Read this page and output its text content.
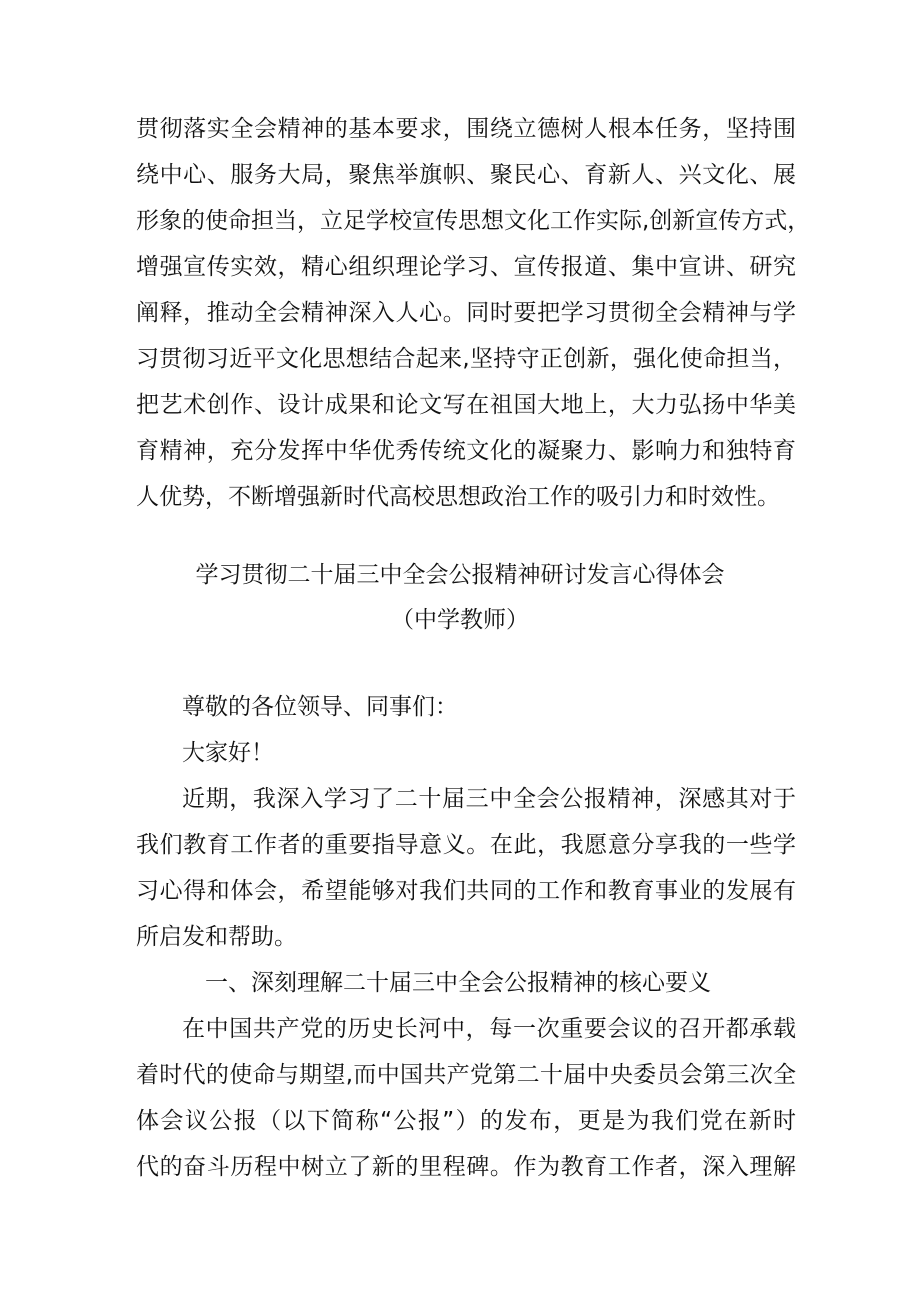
贯彻落实全会精神的基本要求，围绕立德树人根本任务，坚持围
绕中心、服务大局，聚焦举旗帜、聚民心、育新人、兴文化、展
形象的使命担当，立足学校宣传思想文化工作实际,创新宣传方式，
增强宣传实效，精心组织理论学习、宣传报道、集中宣讲、研究
阐释，推动全会精神深入人心。同时要把学习贯彻全会精神与学
习贯彻习近平文化思想结合起来,坚持守正创新，强化使命担当，
把艺术创作、设计成果和论文写在祖国大地上，大力弘扬中华美
育精神，充分发挥中华优秀传统文化的凝聚力、影响力和独特育
人优势，不断增强新时代高校思想政治工作的吸引力和时效性。
学习贯彻二十届三中全会公报精神研讨发言心得体会
（中学教师）
尊敬的各位领导、同事们：
大家好！
近期，我深入学习了二十届三中全会公报精神，深感其对于
我们教育工作者的重要指导意义。在此，我愿意分享我的一些学
习心得和体会，希望能够对我们共同的工作和教育事业的发展有
所启发和帮助。
一、深刻理解二十届三中全会公报精神的核心要义
在中国共产党的历史长河中，每一次重要会议的召开都承载
着时代的使命与期望,而中国共产党第二十届中央委员会第三次全
体会议公报（以下简称“公报”）的发布，更是为我们党在新时
代的奋斗历程中树立了新的里程碑。作为教育工作者，深入理解
